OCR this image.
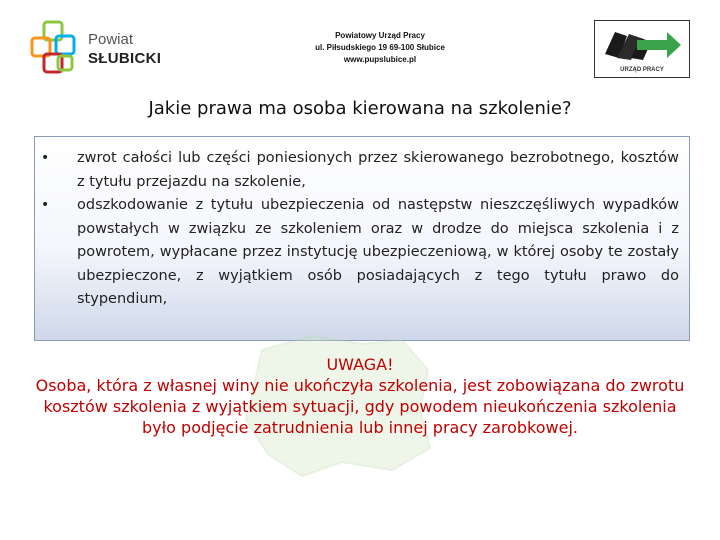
Powiat
SŁUBICKI
Powiatowy Urząd Pracy
ul. Piłsudskiego 19 69-100 Słubice
www.pupslubice.pl
URZĄD PRACY
Jakie prawa ma osoba kierowana na szkolenie?
• zwrot całości lub części poniesionych przez skierowanego bezrobotnego, kosztów z tytułu przejazdu na szkolenie,
• odszkodowanie z tytułu ubezpieczenia od następstw nieszczęśliwych wypadków powstałych w związku ze szkoleniem oraz w drodze do miejsca szkolenia i z powrotem, wypłacane przez instytucję ubezpieczeniową, w której osoby te zostały ubezpieczone, z wyjątkiem osób posiadających z tego tytułu prawo do stypendium,
UWAGA!
Osoba, która z własnej winy nie ukończyła szkolenia, jest zobowiązana do zwrotu kosztów szkolenia z wyjątkiem sytuacji, gdy powodem nieukończenia szkolenia było podjęcie zatrudnienia lub innej pracy zarobkowej.
